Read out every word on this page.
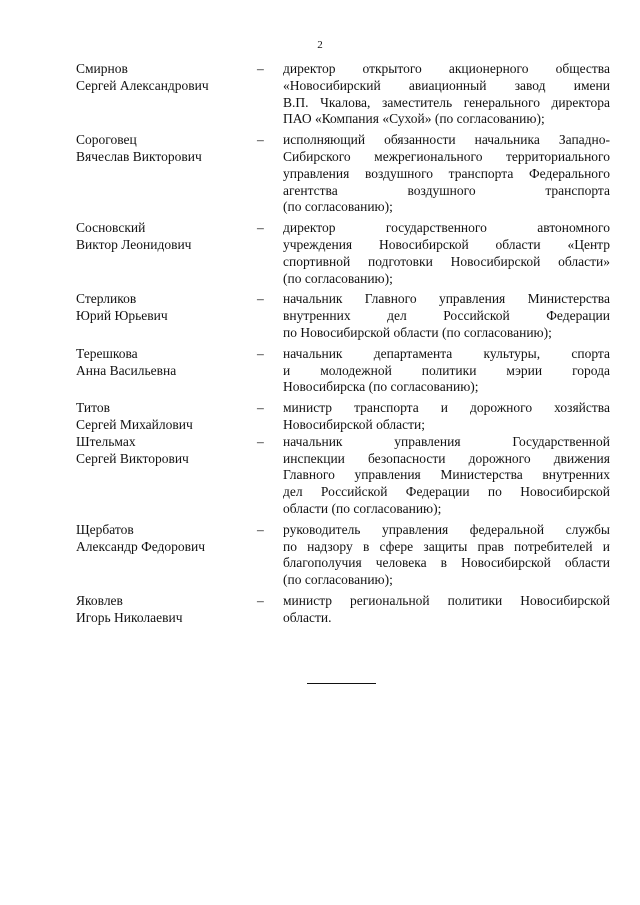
2
Смирнов
Сергей Александрович
–	директор открытого акционерного общества
«Новосибирский авиационный завод имени
В.П. Чкалова, заместитель генерального директора
ПАО «Компания «Сухой» (по согласованию);
Сороговец
Вячеслав Викторович
–	исполняющий обязанности начальника Западно-
Сибирского межрегионального территориального
управления воздушного транспорта Федерального
агентства воздушного транспорта
(по согласованию);
Сосновский
Виктор Леонидович
–	директор государственного автономного
учреждения Новосибирской области «Центр
спортивной подготовки Новосибирской области»
(по согласованию);
Стерликов
Юрий Юрьевич
–	начальник Главного управления Министерства
внутренних дел Российской Федерации
по Новосибирской области (по согласованию);
Терешкова
Анна Васильевна
–	начальник департамента культуры, спорта
и молодежной политики мэрии города
Новосибирска (по согласованию);
Титов
Сергей Михайлович
–	министр транспорта и дорожного хозяйства
Новосибирской области;
Штельмах
Сергей Викторович
–	начальник управления Государственной
инспекции безопасности дорожного движения
Главного управления Министерства внутренних
дел Российской Федерации по Новосибирской
области (по согласованию);
Щербатов
Александр Федорович
–	руководитель управления федеральной службы
по надзору в сфере защиты прав потребителей и
благополучия человека в Новосибирской области
(по согласованию);
Яковлев
Игорь Николаевич
–	министр региональной политики Новосибирской
области.
